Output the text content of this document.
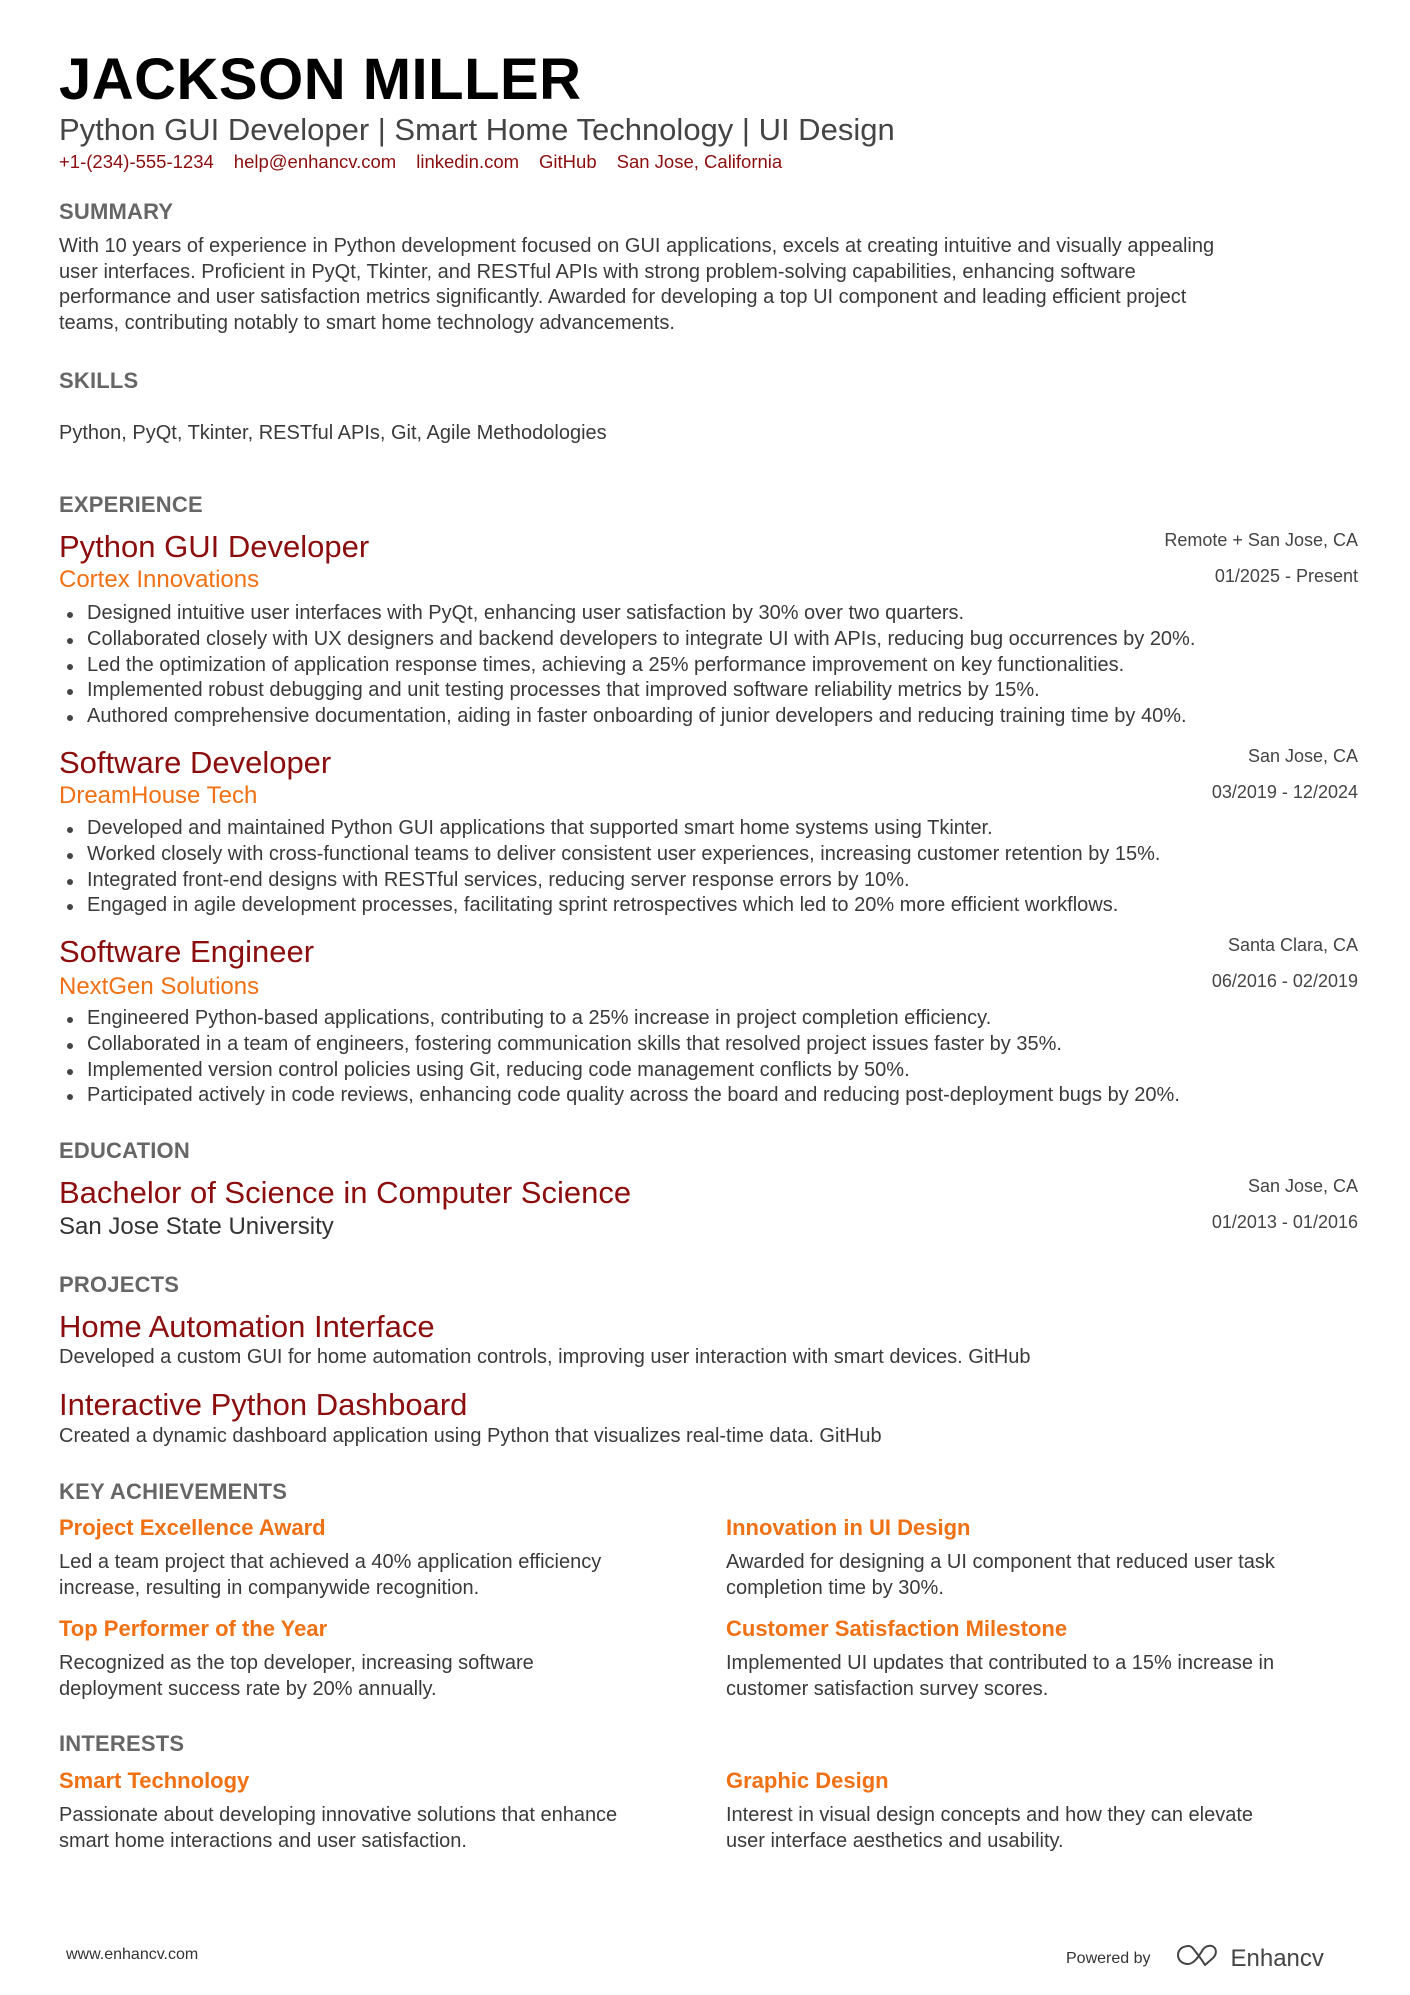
JACKSON MILLER
Python GUI Developer | Smart Home Technology | UI Design
+1-(234)-555-1234 help@enhancv.com linkedin.com GitHub San Jose, California
SUMMARY
With 10 years of experience in Python development focused on GUI applications, excels at creating intuitive and visually appealing
user interfaces. Proficient in PyQt, Tkinter, and RESTful APIs with strong problem-solving capabilities, enhancing software
performance and user satisfaction metrics significantly. Awarded for developing a top UI component and leading efficient project
teams, contributing notably to smart home technology advancements.
SKILLS
Python, PyQt, Tkinter, RESTful APIs, Git, Agile Methodologies
EXPERIENCE
Python GUI Developer	Remote + San Jose, CA
Cortex Innovations	01/2025 - Present
Designed intuitive user interfaces with PyQt, enhancing user satisfaction by 30% over two quarters.
Collaborated closely with UX designers and backend developers to integrate UI with APIs, reducing bug occurrences by 20%.
Led the optimization of application response times, achieving a 25% performance improvement on key functionalities.
Implemented robust debugging and unit testing processes that improved software reliability metrics by 15%.
Authored comprehensive documentation, aiding in faster onboarding of junior developers and reducing training time by 40%.
Software Developer	San Jose, CA
DreamHouse Tech	03/2019 - 12/2024
Developed and maintained Python GUI applications that supported smart home systems using Tkinter.
Worked closely with cross-functional teams to deliver consistent user experiences, increasing customer retention by 15%.
Integrated front-end designs with RESTful services, reducing server response errors by 10%.
Engaged in agile development processes, facilitating sprint retrospectives which led to 20% more efficient workflows.
Software Engineer	Santa Clara, CA
NextGen Solutions	06/2016 - 02/2019
Engineered Python-based applications, contributing to a 25% increase in project completion efficiency.
Collaborated in a team of engineers, fostering communication skills that resolved project issues faster by 35%.
Implemented version control policies using Git, reducing code management conflicts by 50%.
Participated actively in code reviews, enhancing code quality across the board and reducing post-deployment bugs by 20%.
EDUCATION
Bachelor of Science in Computer Science	San Jose, CA
San Jose State University	01/2013 - 01/2016
PROJECTS
Home Automation Interface
Developed a custom GUI for home automation controls, improving user interaction with smart devices. GitHub
Interactive Python Dashboard
Created a dynamic dashboard application using Python that visualizes real-time data. GitHub
KEY ACHIEVEMENTS
Project Excellence Award
Led a team project that achieved a 40% application efficiency
increase, resulting in companywide recognition.
Innovation in UI Design
Awarded for designing a UI component that reduced user task
completion time by 30%.
Top Performer of the Year
Recognized as the top developer, increasing software
deployment success rate by 20% annually.
Customer Satisfaction Milestone
Implemented UI updates that contributed to a 15% increase in
customer satisfaction survey scores.
INTERESTS
Smart Technology
Passionate about developing innovative solutions that enhance
smart home interactions and user satisfaction.
Graphic Design
Interest in visual design concepts and how they can elevate
user interface aesthetics and usability.
www.enhancv.com	Powered by	Enhancv
